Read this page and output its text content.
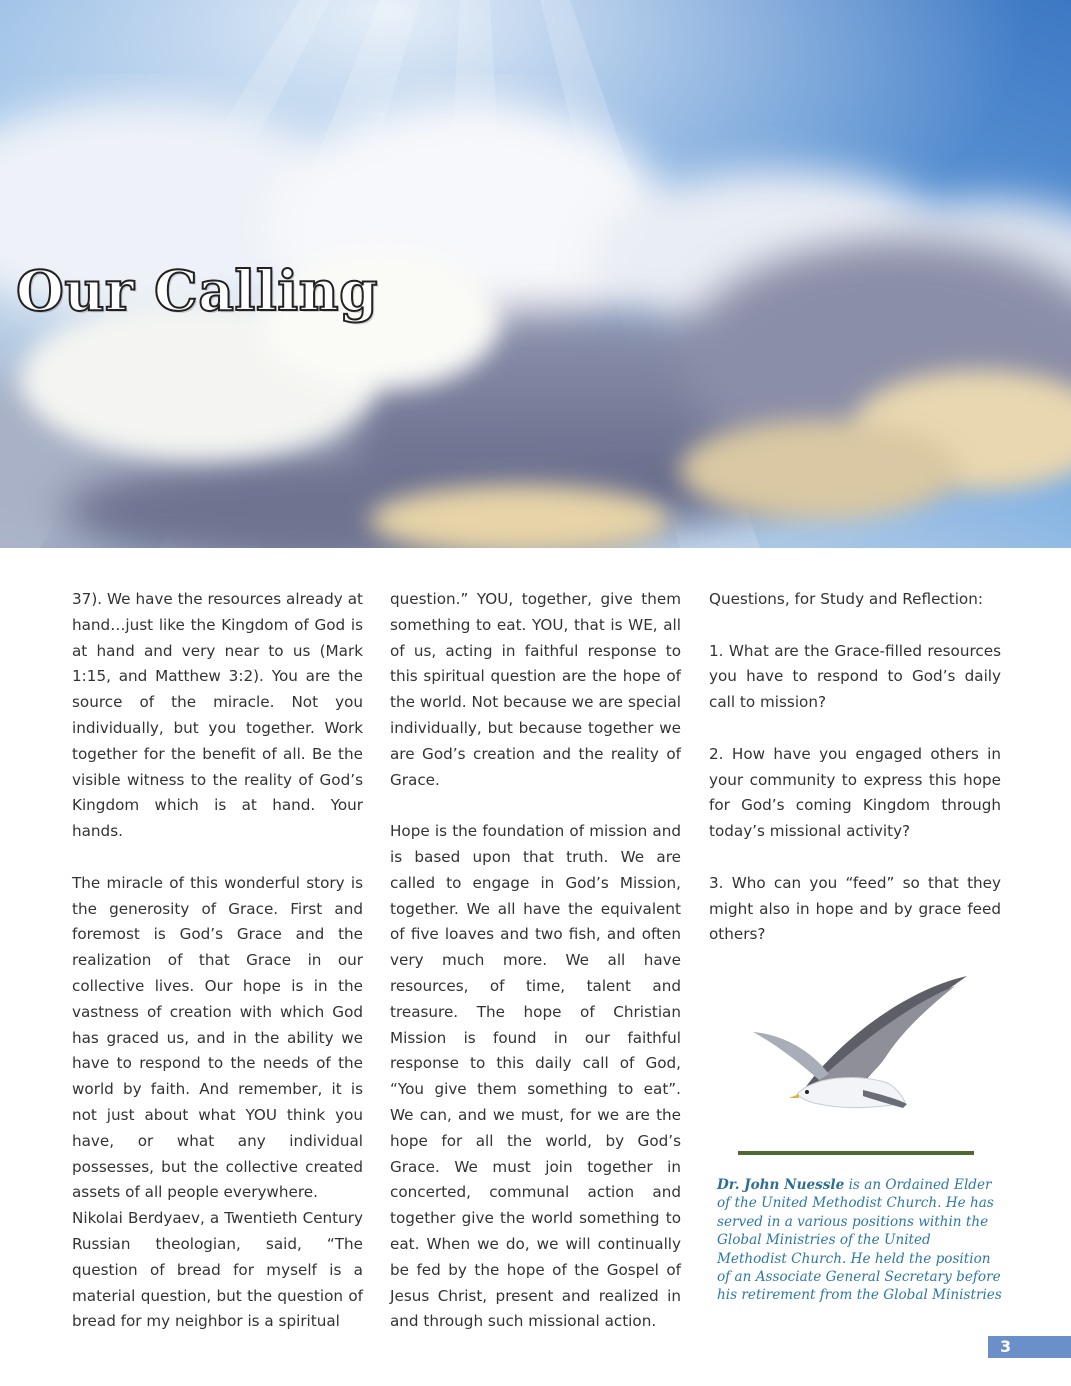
Our Calling

37). We have the resources already at hand…just like the Kingdom of God is at hand and very near to us (Mark 1:15, and Matthew 3:2). You are the source of the miracle. Not you individually, but you together. Work together for the benefit of all. Be the visible witness to the reality of God’s Kingdom which is at hand. Your hands.

The miracle of this wonderful story is the generosity of Grace. First and foremost is God’s Grace and the realization of that Grace in our collective lives. Our hope is in the vastness of creation with which God has graced us, and in the ability we have to respond to the needs of the world by faith. And remember, it is not just about what YOU think you have, or what any individual possesses, but the collective created assets of all people everywhere.

Nikolai Berdyaev, a Twentieth Century Russian theologian, said, “The question of bread for myself is a material question, but the question of bread for my neighbor is a spiritual

question.” YOU, together, give them something to eat. YOU, that is WE, all of us, acting in faithful response to this spiritual question are the hope of the world. Not because we are special individually, but because together we are God’s creation and the reality of Grace.

Hope is the foundation of mission and is based upon that truth. We are called to engage in God’s Mission, together. We all have the equivalent of five loaves and two fish, and often very much more. We all have resources, of time, talent and treasure. The hope of Christian Mission is found in our faithful response to this daily call of God, “You give them something to eat”. We can, and we must, for we are the hope for all the world, by God’s Grace. We must join together in concerted, communal action and together give the world something to eat. When we do, we will continually be fed by the hope of the Gospel of Jesus Christ, present and realized in and through such missional action.

Questions, for Study and Reflection:

1. What are the Grace-filled resources you have to respond to God’s daily call to mission?

2. How have you engaged others in your community to express this hope for God’s coming Kingdom through today’s missional activity?

3. Who can you “feed” so that they might also in hope and by grace feed others?

Dr. John Nuessle is an Ordained Elder of the United Methodist Church. He has served in a various positions within the Global Ministries of the United Methodist Church. He held the position of an Associate General Secretary before his retirement from the Global Ministries
3
